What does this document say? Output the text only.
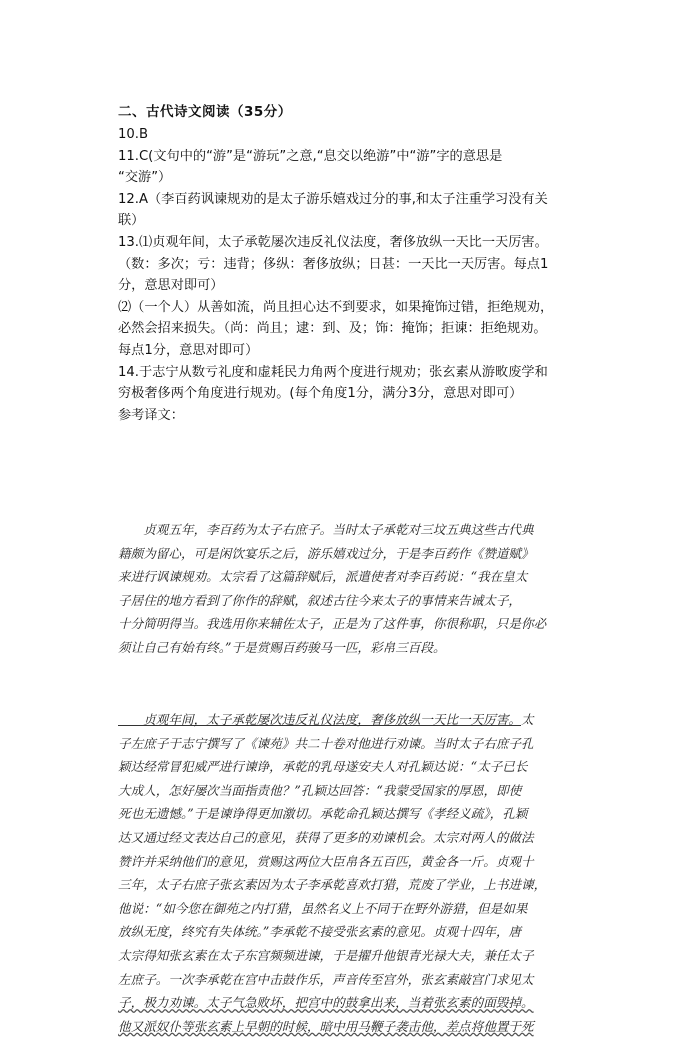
二、古代诗文阅读（35分）

10.B

11.C(文句中的“游”是“游玩”之意,“息交以绝游”中“游”字的意思是

“交游”）

12.A（李百药讽谏规劝的是太子游乐嬉戏过分的事,和太子注重学习没有关

联）

13.⑴贞观年间，太子承乾屡次违反礼仪法度，奢侈放纵一天比一天厉害。

（数：多次；亏：违背；侈纵：奢侈放纵；日甚：一天比一天厉害。每点1

分，意思对即可）

⑵（一个人）从善如流，尚且担心达不到要求，如果掩饰过错，拒绝规劝，

必然会招来损失。（尚：尚且；逮：到、及；饰：掩饰；拒谏：拒绝规劝。

每点1分，意思对即可）

14.于志宁从数亏礼度和虚耗民力角两个度进行规劝；张玄素从游畋废学和

穷极奢侈两个角度进行规劝。(每个角度1分，满分3分，意思对即可）

参考译文：

　　贞观五年，李百药为太子右庶子。当时太子承乾对三坟五典这些古代典

籍颇为留心，可是闲饮宴乐之后，游乐嬉戏过分，于是李百药作《赞道赋》

来进行讽谏规劝。太宗看了这篇辞赋后，派遣使者对李百药说：“我在皇太

子居住的地方看到了你作的辞赋，叙述古往今来太子的事情来告诫太子，

十分简明得当。我选用你来辅佐太子，正是为了这件事，你很称职，只是你必

须让自己有始有终。”于是赏赐百药骏马一匹，彩帛三百段。

　　贞观年间，太子承乾屡次违反礼仪法度，奢侈放纵一天比一天厉害。太

子左庶子于志宁撰写了《谏苑》共二十卷对他进行劝谏。当时太子右庶子孔

颖达经常冒犯威严进行谏诤，承乾的乳母遂安夫人对孔颖达说：“太子已长

大成人，怎好屡次当面指责他？”孔颖达回答：“我蒙受国家的厚恩，即使

死也无遗憾。”于是谏诤得更加激切。承乾命孔颖达撰写《孝经义疏》，孔颖

达又通过经文表达自己的意见，获得了更多的劝谏机会。太宗对两人的做法

赞许并采纳他们的意见，赏赐这两位大臣帛各五百匹，黄金各一斤。贞观十

三年，太子右庶子张玄素因为太子李承乾喜欢打猎，荒废了学业，上书进谏，

他说：“如今您在御苑之内打猎，虽然名义上不同于在野外游猎，但是如果

放纵无度，终究有失体统。”李承乾不接受张玄素的意见。贞观十四年，唐

太宗得知张玄素在太子东宫频频进谏，于是擢升他银青光禄大夫，兼任太子

左庶子。一次李承乾在宫中击鼓作乐，声音传至宫外，张玄素敲宫门求见太

子，极力劝谏。太子气急败坏，把宫中的鼓拿出来，当着张玄素的面毁掉。

他又派奴仆等张玄素上早朝的时候，暗中用马鞭子袭击他，差点将他置于死
